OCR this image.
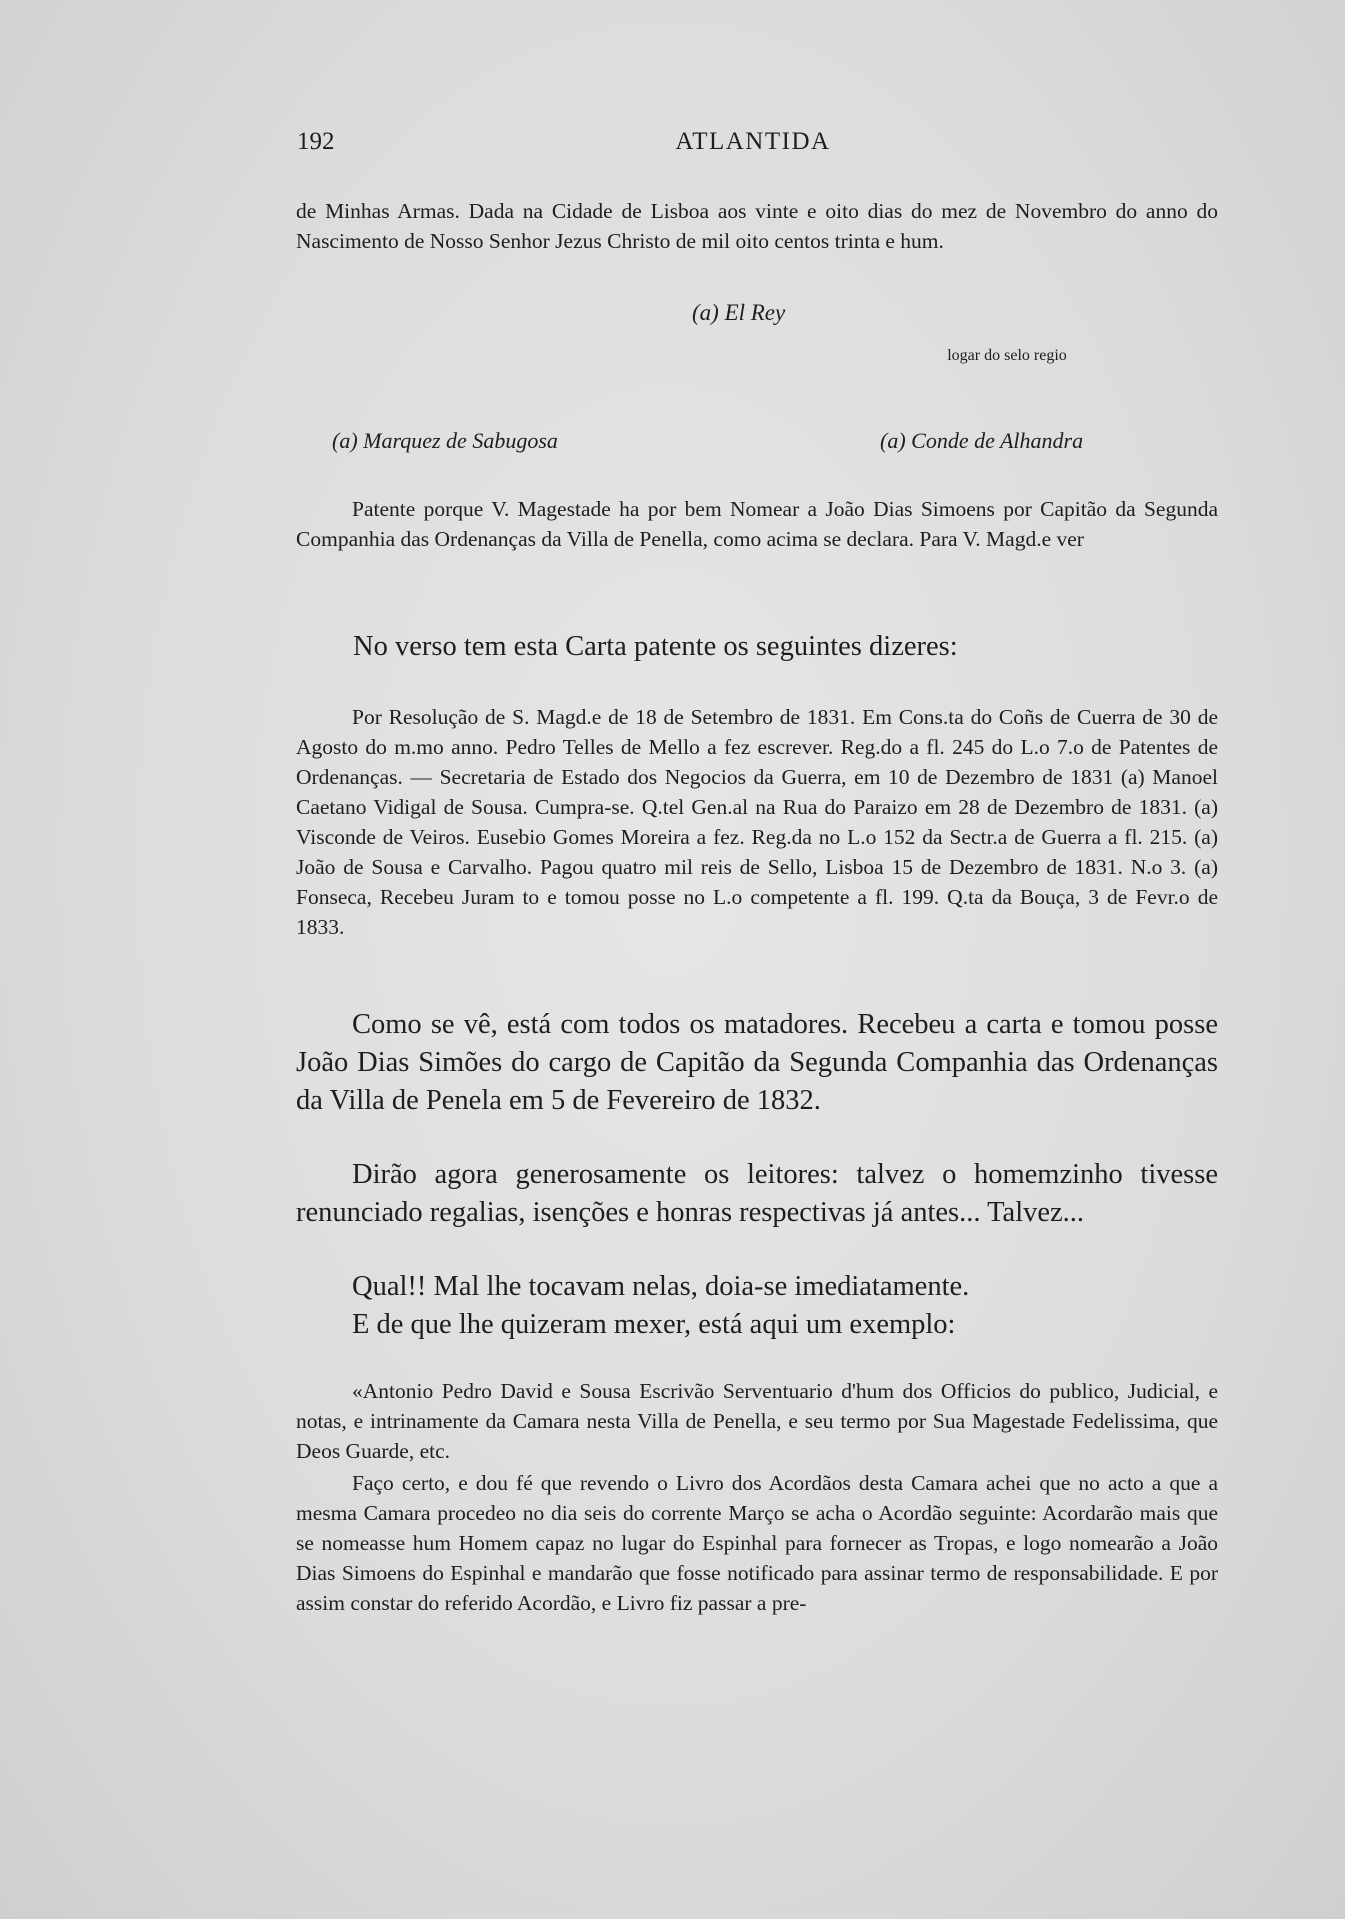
192	ATLANTIDA

de Minhas Armas. Dada na Cidade de Lisboa aos vinte e oito dias do mez de Novembro do anno do Nascimento de Nosso Senhor Jezus Christo de mil oito centos trinta e hum.

(a) El Rey
logar do selo regio
(a) Marquez de Sabugosa	(a) Conde de Alhandra

Patente porque V. Magestade ha por bem Nomear a João Dias Simoens por Capitão da Segunda Companhia das Ordenanças da Villa de Penella, como acima se declara. Para V. Magd.e ver

No verso tem esta Carta patente os seguintes dizeres:

Por Resolução de S. Magd.e de 18 de Setembro de 1831. Em Cons.ta do Coñs de Cuerra de 30 de Agosto do m.mo anno. Pedro Telles de Mello a fez escrever. Reg.do a fl. 245 do L.o 7.o de Patentes de Ordenanças. — Secretaria de Estado dos Negocios da Guerra, em 10 de Dezembro de 1831 (a) Manoel Caetano Vidigal de Sousa. Cumpra-se. Q.tel Gen.al na Rua do Paraizo em 28 de Dezembro de 1831. (a) Visconde de Veiros. Eusebio Gomes Moreira a fez. Reg.da no L.o 152 da Sectr.a de Guerra a fl. 215. (a) João de Sousa e Carvalho. Pagou quatro mil reis de Sello, Lisboa 15 de Dezembro de 1831. N.o 3. (a) Fonseca, Recebeu Juram to e tomou posse no L.o competente a fl. 199. Q.ta da Bouça, 3 de Fevr.o de 1833.

Como se vê, está com todos os matadores. Recebeu a carta e tomou posse João Dias Simões do cargo de Capitão da Segunda Companhia das Ordenanças da Villa de Penela em 5 de Fevereiro de 1832.

Dirão agora generosamente os leitores: talvez o homemzinho tivesse renunciado regalias, isenções e honras respectivas já antes... Talvez...

Qual!! Mal lhe tocavam nelas, doia-se imediatamente.

E de que lhe quizeram mexer, está aqui um exemplo:

«Antonio Pedro David e Sousa Escrivão Serventuario d'hum dos Officios do publico, Judicial, e notas, e intrinamente da Camara nesta Villa de Penella, e seu termo por Sua Magestade Fedelissima, que Deos Guarde, etc.

Faço certo, e dou fé que revendo o Livro dos Acordãos desta Camara achei que no acto a que a mesma Camara procedeo no dia seis do corrente Março se acha o Acordão seguinte: Acordarão mais que se nomeasse hum Homem capaz no lugar do Espinhal para fornecer as Tropas, e logo nomearão a João Dias Simoens do Espinhal e mandarão que fosse notificado para assinar termo de responsabilidade. E por assim constar do referido Acordão, e Livro fiz passar a pre-
